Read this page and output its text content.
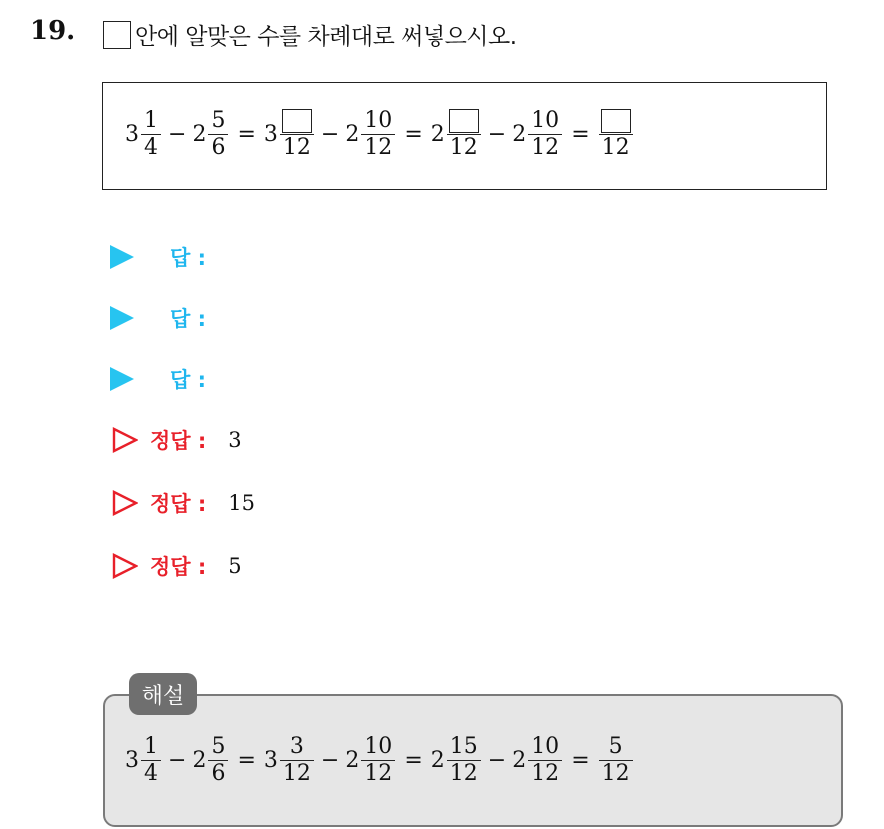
19.	안에 알맞은 수를 차례대로 써넣으시오.
$3 \frac{1}{4} - 2 \frac{5}{6} = 3$
12
− $2 \frac{10}{12} = 2$
12
− $2 \frac{10}{12}$ =
12
답 :
답 :
답 :
정답 : 3
정답 : 15
정답 : 5
$3 \frac{1}{4} - 2 \frac{5}{6} = 3 \frac{3}{12} - 2 \frac{10}{12} = 2 \frac{15}{12} - 2 \frac{10}{12} = \frac{5}{12}$
해설
